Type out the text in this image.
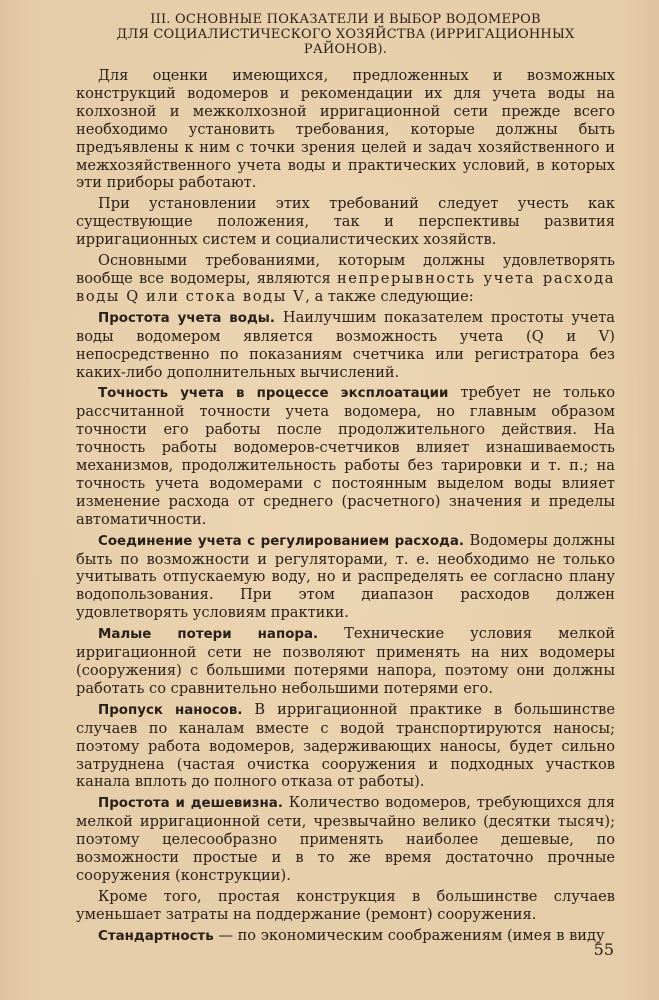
III. ОСНОВНЫЕ ПОКАЗАТЕЛИ И ВЫБОР ВОДОМЕРОВ
ДЛЯ СОЦИАЛИСТИЧЕСКОГО ХОЗЯЙСТВА (ИРРИГАЦИОННЫХ
РАЙОНОВ).

Для оценки имеющихся, предложенных и возможных конструкций водомеров и рекомендации их для учета воды на колхозной и межколхозной ирригационной сети прежде всего необходимо установить требования, которые должны быть предъявлены к ним с точки зрения целей и задач хозяйственного и межхозяйственного учета воды и практических условий, в которых эти приборы работают.

При установлении этих требований следует учесть как существующие положения, так и перспективы развития ирригационных систем и социалистических хозяйств.

Основными требованиями, которым должны удовлетворять вообще все водомеры, являются непрерывность учета расхода воды Q или стока воды V, а также следующие:

Простота учета воды. Наилучшим показателем простоты учета воды водомером является возможность учета (Q и V) непосредственно по показаниям счетчика или регистратора без каких-либо дополнительных вычислений.

Точность учета в процессе эксплоатации требует не только рассчитанной точности учета водомера, но главным образом точности его работы после продолжительного действия. На точность работы водомеров-счетчиков влияет изнашиваемость механизмов, продолжительность работы без тарировки и т. п.; на точность учета водомерами с постоянным выделом воды влияет изменение расхода от среднего (расчетного) значения и пределы автоматичности.

Соединение учета с регулированием расхода. Водомеры должны быть по возможности и регуляторами, т. е. необходимо не только учитывать отпускаемую воду, но и распределять ее согласно плану водопользования. При этом диапазон расходов должен удовлетворять условиям практики.

Малые потери напора. Технические условия мелкой ирригационной сети не позволяют применять на них водомеры (сооружения) с большими потерями напора, поэтому они должны работать со сравнительно небольшими потерями его.

Пропуск наносов. В ирригационной практике в большинстве случаев по каналам вместе с водой транспортируются наносы; поэтому работа водомеров, задерживающих наносы, будет сильно затруднена (частая очистка сооружения и подходных участков канала вплоть до полного отказа от работы).

Простота и дешевизна. Количество водомеров, требующихся для мелкой ирригационной сети, чрезвычайно велико (десятки тысяч); поэтому целесообразно применять наиболее дешевые, по возможности простые и в то же время достаточно прочные сооружения (конструкции).

Кроме того, простая конструкция в большинстве случаев уменьшает затраты на поддержание (ремонт) сооружения.

Стандартность — по экономическим соображениям (имея в виду

55
